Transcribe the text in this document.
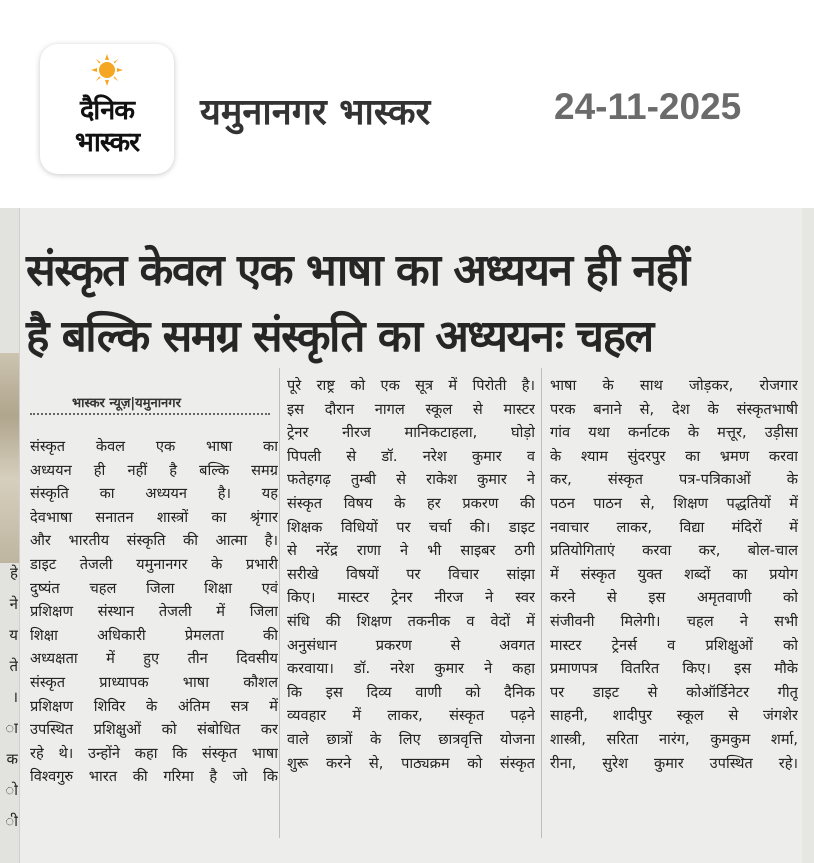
दैनिक
भास्कर
यमुनानगर भास्कर	24-11-2025
हे
ने
य
ते
।
ा
क
ो
ी
संस्कृत केवल एक भाषा का अध्ययन ही नहीं
है बल्कि समग्र संस्कृति का अध्ययनः चहल
भास्कर न्यूज़|यमुनानगर
संस्कृत केवल एक भाषा का
अध्ययन ही नहीं है बल्कि समग्र
संस्कृति का अध्ययन है। यह
देवभाषा सनातन शास्त्रों का श्रृंगार
और भारतीय संस्कृति की आत्मा है।
डाइट तेजली यमुनानगर के प्रभारी
दुष्यंत चहल जिला शिक्षा एवं
प्रशिक्षण संस्थान तेजली में जिला
शिक्षा अधिकारी प्रेमलता की
अध्यक्षता में हुए तीन दिवसीय
संस्कृत प्राध्यापक भाषा कौशल
प्रशिक्षण शिविर के अंतिम सत्र में
उपस्थित प्रशिक्षुओं को संबोधित कर
रहे थे। उन्होंने कहा कि संस्कृत भाषा
विश्वगुरु भारत की गरिमा है जो कि
पूरे राष्ट्र को एक सूत्र में पिरोती है।
इस दौरान नागल स्कूल से मास्टर
ट्रेनर नीरज मानिकटाहला, घोड़ो
पिपली से डॉ. नरेश कुमार व
फतेहगढ़ तुम्बी से राकेश कुमार ने
संस्कृत विषय के हर प्रकरण की
शिक्षक विधियों पर चर्चा की। डाइट
से नरेंद्र राणा ने भी साइबर ठगी
सरीखे विषयों पर विचार सांझा
किए। मास्टर ट्रेनर नीरज ने स्वर
संधि की शिक्षण तकनीक व वेदों में
अनुसंधान प्रकरण से अवगत
करवाया। डॉ. नरेश कुमार ने कहा
कि इस दिव्य वाणी को दैनिक
व्यवहार में लाकर, संस्कृत पढ़ने
वाले छात्रों के लिए छात्रवृत्ति योजना
शुरू करने से, पाठ्यक्रम को संस्कृत
भाषा के साथ जोड़कर, रोजगार
परक बनाने से, देश के संस्कृतभाषी
गांव यथा कर्नाटक के मत्तूर, उड़ीसा
के श्याम सुंदरपुर का भ्रमण करवा
कर, संस्कृत पत्र-पत्रिकाओं के
पठन पाठन से, शिक्षण पद्धतियों में
नवाचार लाकर, विद्या मंदिरों में
प्रतियोगिताएं करवा कर, बोल-चाल
में संस्कृत युक्त शब्दों का प्रयोग
करने से इस अमृतवाणी को
संजीवनी मिलेगी। चहल ने सभी
मास्टर ट्रेनर्स व प्रशिक्षुओं को
प्रमाणपत्र वितरित किए। इस मौके
पर डाइट से कोऑर्डिनेटर गीतू
साहनी, शादीपुर स्कूल से जंगशेर
शास्त्री, सरिता नारंग, कुमकुम शर्मा,
रीना, सुरेश कुमार उपस्थित रहे।
